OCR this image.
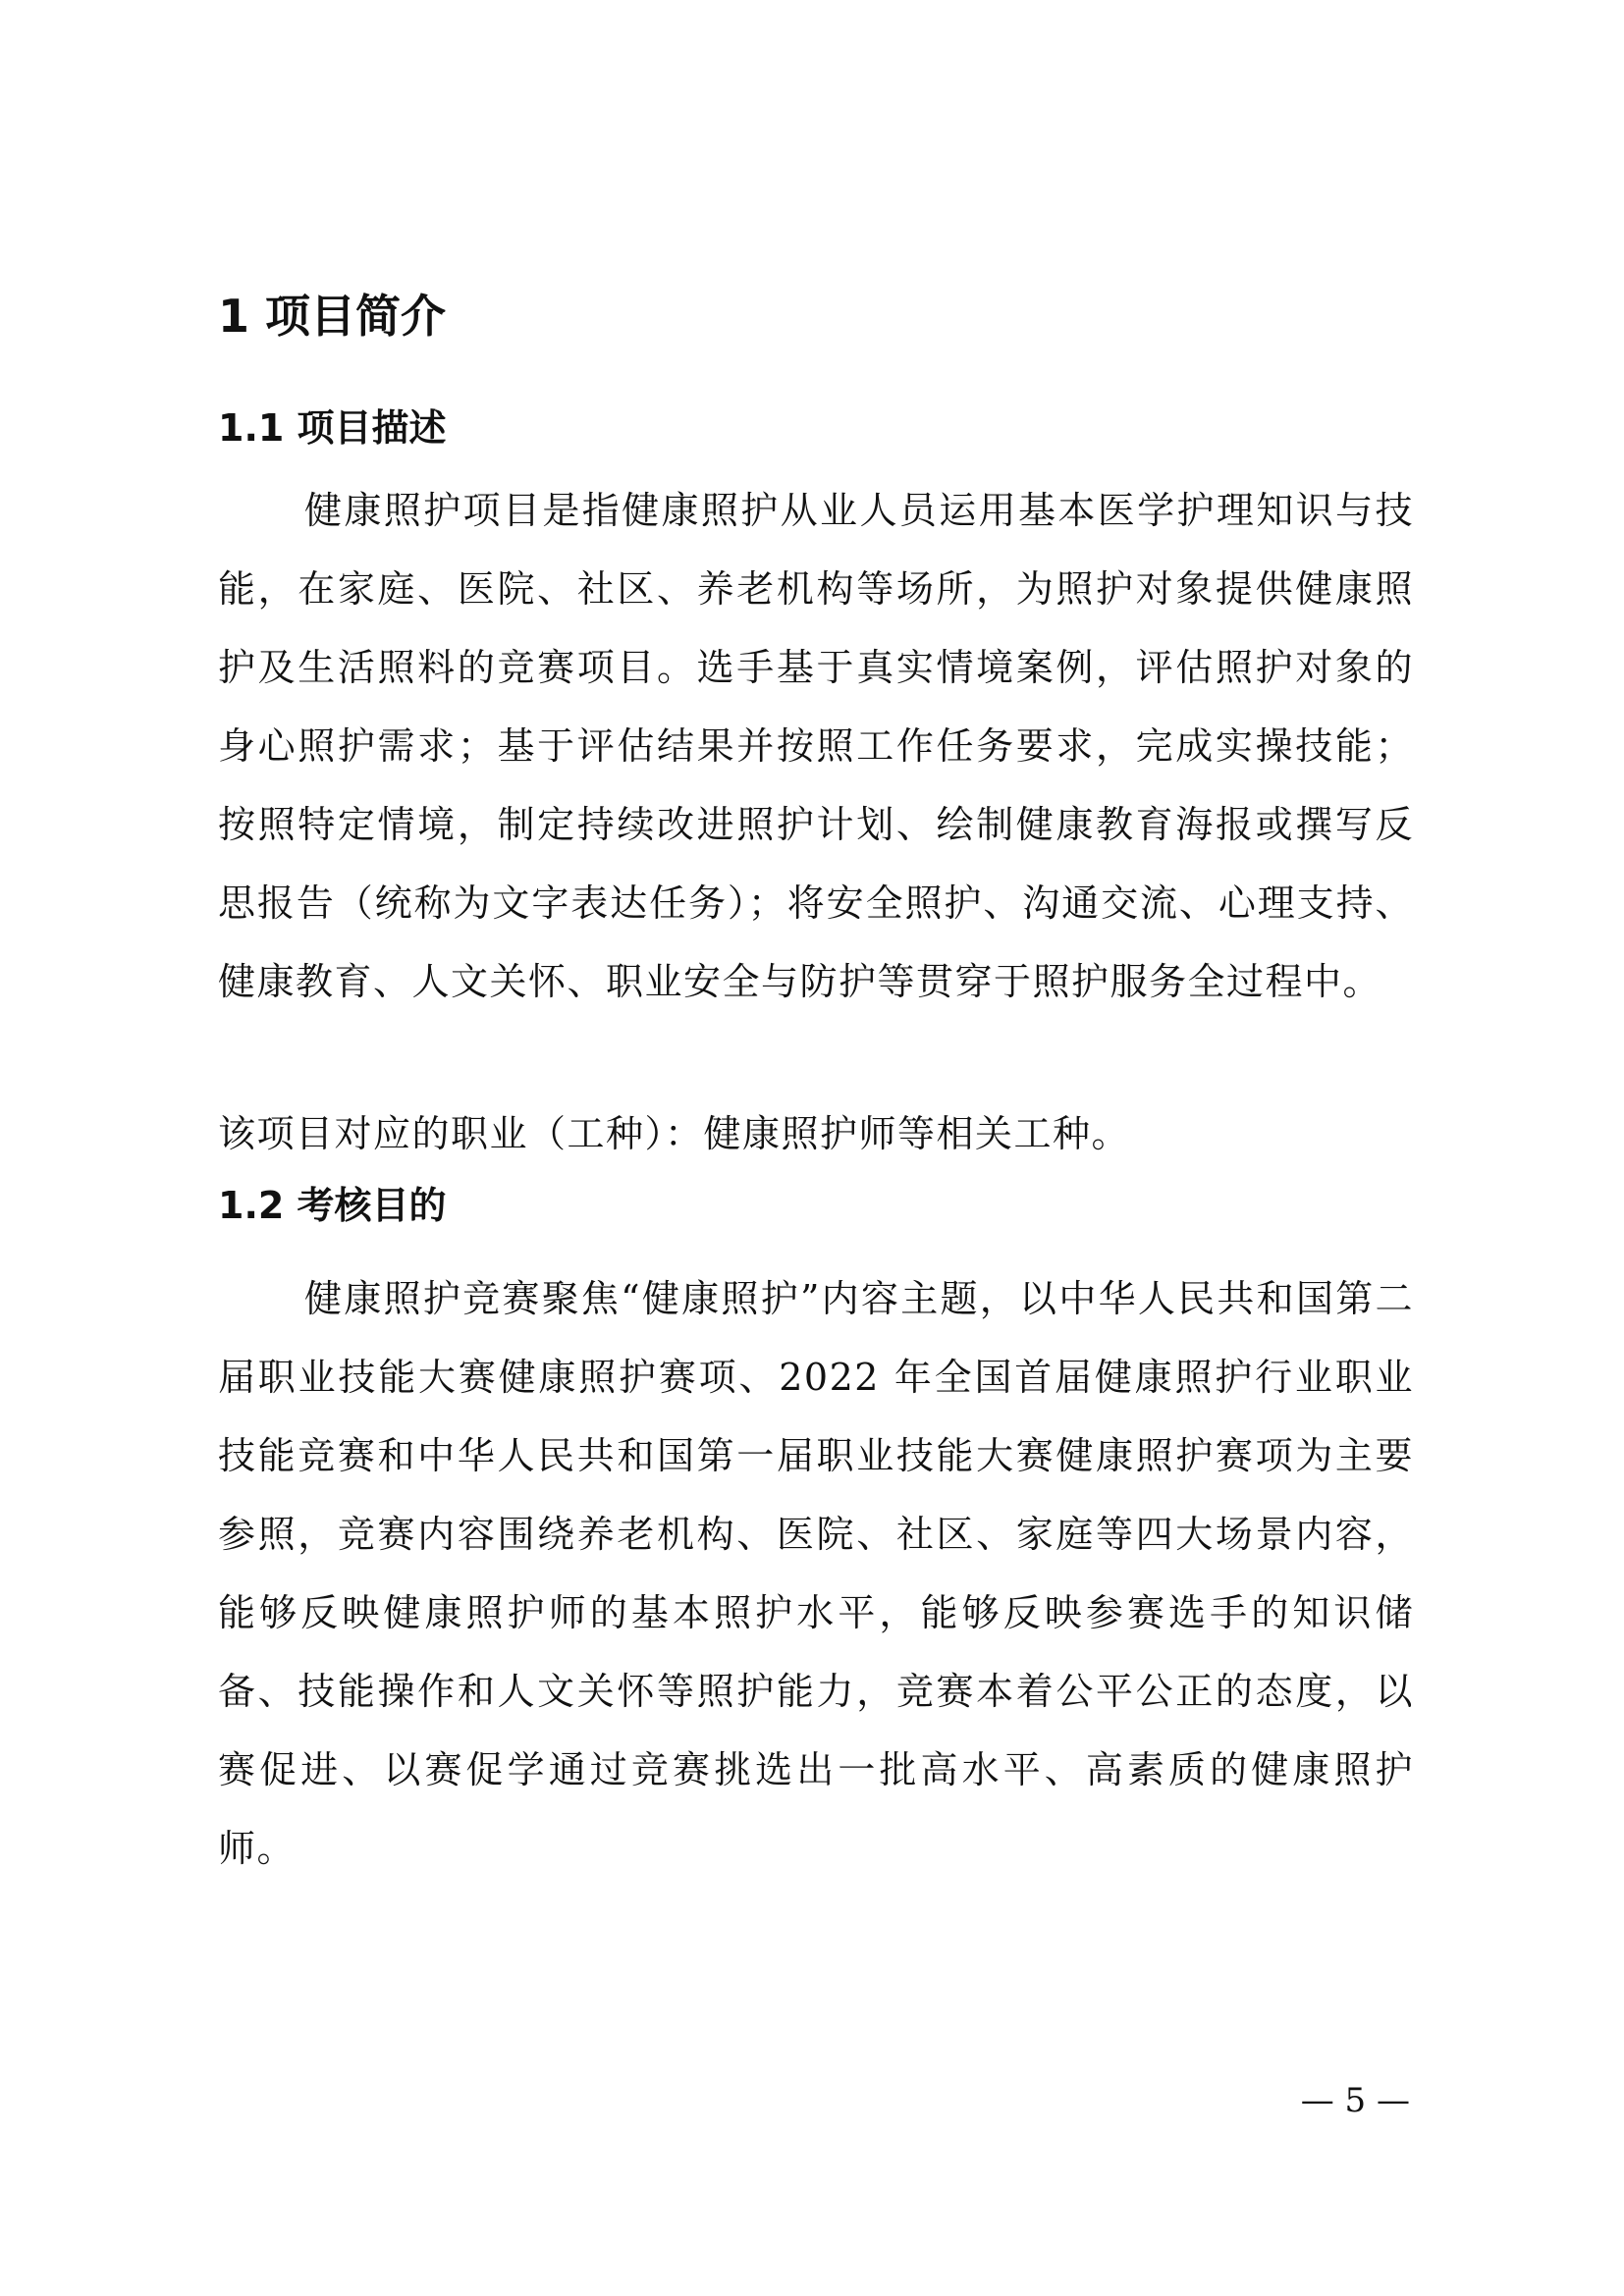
1 项目简介
1.1 项目描述

健康照护项目是指健康照护从业人员运用基本医学护理知识与技能，在家庭、医院、社区、养老机构等场所，为照护对象提供健康照护及生活照料的竞赛项目。选手基于真实情境案例，评估照护对象的身心照护需求；基于评估结果并按照工作任务要求，完成实操技能；按照特定情境，制定持续改进照护计划、绘制健康教育海报或撰写反思报告（统称为文字表达任务）；将安全照护、沟通交流、心理支持、健康教育、人文关怀、职业安全与防护等贯穿于照护服务全过程中。

该项目对应的职业（工种）：健康照护师等相关工种。

1.2 考核目的

健康照护竞赛聚焦“健康照护”内容主题，以中华人民共和国第二届职业技能大赛健康照护赛项、2022 年全国首届健康照护行业职业技能竞赛和中华人民共和国第一届职业技能大赛健康照护赛项为主要参照，竞赛内容围绕养老机构、医院、社区、家庭等四大场景内容，能够反映健康照护师的基本照护水平，能够反映参赛选手的知识储备、技能操作和人文关怀等照护能力，竞赛本着公平公正的态度，以赛促进、以赛促学通过竞赛挑选出一批高水平、高素质的健康照护师。

— 5 —
